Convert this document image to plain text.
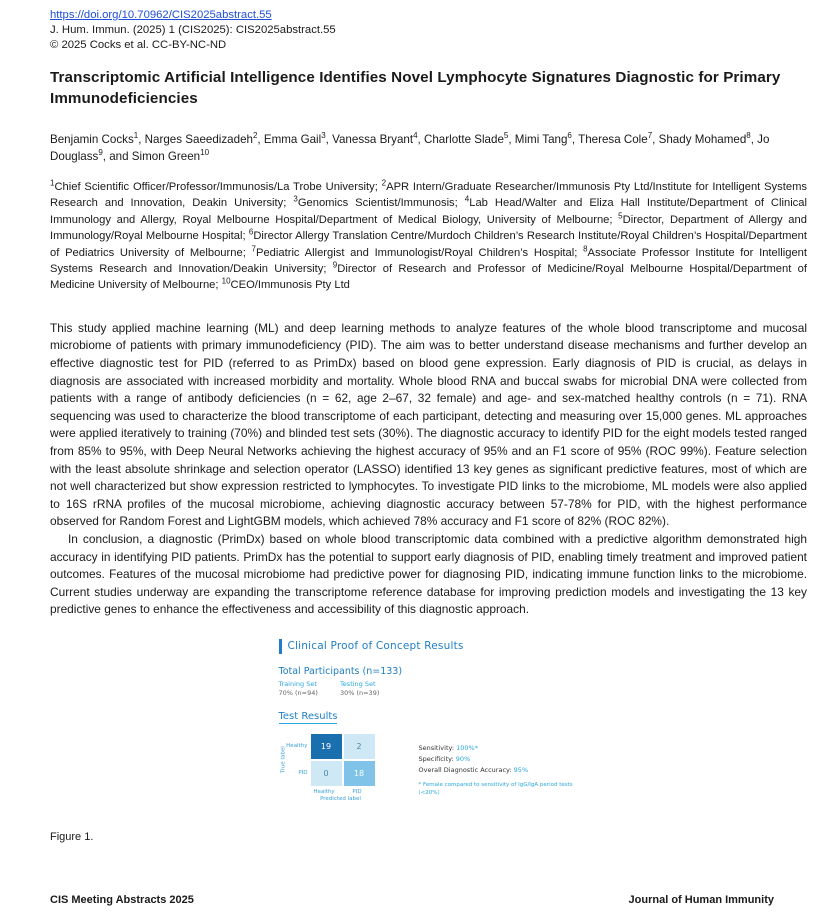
https://doi.org/10.70962/CIS2025abstract.55
J. Hum. Immun. (2025) 1 (CIS2025): CIS2025abstract.55
© 2025 Cocks et al. CC-BY-NC-ND
Transcriptomic Artificial Intelligence Identifies Novel Lymphocyte Signatures Diagnostic for Primary Immunodeficiencies
Benjamin Cocks$^1$, Narges Saeedizadeh$^2$, Emma Gail$^3$, Vanessa Bryant$^4$, Charlotte Slade$^5$, Mimi Tang$^6$, Theresa Cole$^7$, Shady Mohamed$^8$, Jo Douglass$^9$, and Simon Green$^{10}$
$^1$Chief Scientific Officer/Professor/Immunosis/La Trobe University; $^2$APR Intern/Graduate Researcher/Immunosis Pty Ltd/Institute for Intelligent Systems Research and Innovation, Deakin University; $^3$Genomics Scientist/Immunosis; $^4$Lab Head/Walter and Eliza Hall Institute/Department of Clinical Immunology and Allergy, Royal Melbourne Hospital/Department of Medical Biology, University of Melbourne; $^5$Director, Department of Allergy and Immunology/Royal Melbourne Hospital; $^6$Director Allergy Translation Centre/Murdoch Children’s Research Institute/Royal Children’s Hospital/Department of Pediatrics University of Melbourne; $^7$Pediatric Allergist and Immunologist/Royal Children’s Hospital; $^8$Associate Professor Institute for Intelligent Systems Research and Innovation/Deakin University; $^9$Director of Research and Professor of Medicine/Royal Melbourne Hospital/Department of Medicine University of Melbourne; $^{10}$CEO/Immunosis Pty Ltd

This study applied machine learning (ML) and deep learning methods to analyze features of the whole blood transcriptome and mucosal microbiome of patients with primary immunodeficiency (PID). The aim was to better understand disease mechanisms and further develop an effective diagnostic test for PID (referred to as PrimDx) based on blood gene expression. Early diagnosis of PID is crucial, as delays in diagnosis are associated with increased morbidity and mortality. Whole blood RNA and buccal swabs for microbial DNA were collected from patients with a range of antibody deficiencies (n = 62, age 2–67, 32 female) and age- and sex-matched healthy controls (n = 71). RNA sequencing was used to characterize the blood transcriptome of each participant, detecting and measuring over 15,000 genes. ML approaches were applied iteratively to training (70%) and blinded test sets (30%). The diagnostic accuracy to identify PID for the eight models tested ranged from 85% to 95%, with Deep Neural Networks achieving the highest accuracy of 95% and an F1 score of 95% (ROC 99%). Feature selection with the least absolute shrinkage and selection operator (LASSO) identified 13 key genes as significant predictive features, most of which are not well characterized but show expression restricted to lymphocytes. To investigate PID links to the microbiome, ML models were also applied to 16S rRNA profiles of the mucosal microbiome, achieving diagnostic accuracy between 57-78% for PID, with the highest performance observed for Random Forest and LightGBM models, which achieved 78% accuracy and F1 score of 82% (ROC 82%).

In conclusion, a diagnostic (PrimDx) based on whole blood transcriptomic data combined with a predictive algorithm demonstrated high accuracy in identifying PID patients. PrimDx has the potential to support early diagnosis of PID, enabling timely treatment and improved patient outcomes. Features of the mucosal microbiome had predictive power for diagnosing PID, indicating immune function links to the microbiome. Current studies underway are expanding the transcriptome reference database for improving prediction models and investigating the 13 key predictive genes to enhance the effectiveness and accessibility of this diagnostic approach.

Clinical Proof of Concept Results
Total Participants (n=133)
Training Set
70% (n=94)
Testing Set
30% (n=39)
Test Results
True label
Healthy
PID
19	2
0	18
Healthy	PID
Predicted label
Sensitivity: 100%*
Specificity: 90%
Overall Diagnostic Accuracy: 95%
* Female compared to sensitivity of IgG/IgA period tests (<20%)
Figure 1.
CIS Meeting Abstracts 2025	Journal of Human Immunity
